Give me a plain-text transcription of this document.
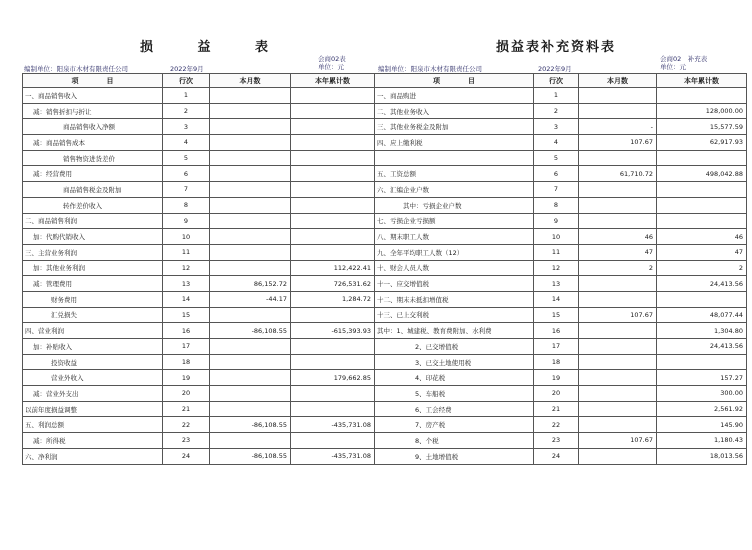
损 益 表	损益表补充资料表
会商02表
单位：元
编制单位：阳泉市木材有限责任公司	2022年9月
会商02　补充表
单位：元
编制单位：阳泉市木材有限责任公司	2022年9月
项　　　　目	行次	本月数	本年累计数	项　　　　目	行次	本月数	本年累计数
一、商品销售收入	1			一、商品购进	1		
减：销售折扣与折让	2			二、其他业务收入	2		128,000.00
商品销售收入净额	3			三、其他业务税金及附加	3	-	15,577.59
减：商品销售成本	4			四、应上缴利税	4	107.67	62,917.93
销售物资进货差价	5				5		
减：经营费用	6			五、工资总额	6	61,710.72	498,042.88
商品销售税金及附加	7			六、汇编企业户数	7		
转作差价收入	8			其中：亏损企业户数	8		
二、商品销售利润	9			七、亏损企业亏损额	9		
加：代购代销收入	10			八、期末职工人数	10	46	46
三、主营业务利润	11			九、全年平均职工人数（12）	11	47	47
加：其他业务利润	12		112,422.41	十、财会人员人数	12	2	2
减：管理费用	13	86,152.72	726,531.62	十一、应交增值税	13		24,413.56
财务费用	14	-44.17	1,284.72	十二、期末未抵扣增值税	14		
汇兑损失	15			十三、已上交利税	15	107.67	48,077.44
四、营业利润	16	-86,108.55	-615,393.93	其中：1、城建税、教育费附加、水利费	16		1,304.80
加：补贴收入	17			2、已交增值税	17		24,413.56
投资收益	18			3、已交土地使用税	18		
营业外收入	19		179,662.85	4、印花税	19		157.27
减：营业外支出	20			5、车船税	20		300.00
以前年度损益调整	21			6、工会经费	21		2,561.92
五、利润总额	22	-86,108.55	-435,731.08	7、房产税	22		145.90
减：所得税	23			8、个税	23	107.67	1,180.43
六、净利润	24	-86,108.55	-435,731.08	9、土地增值税	24		18,013.56
